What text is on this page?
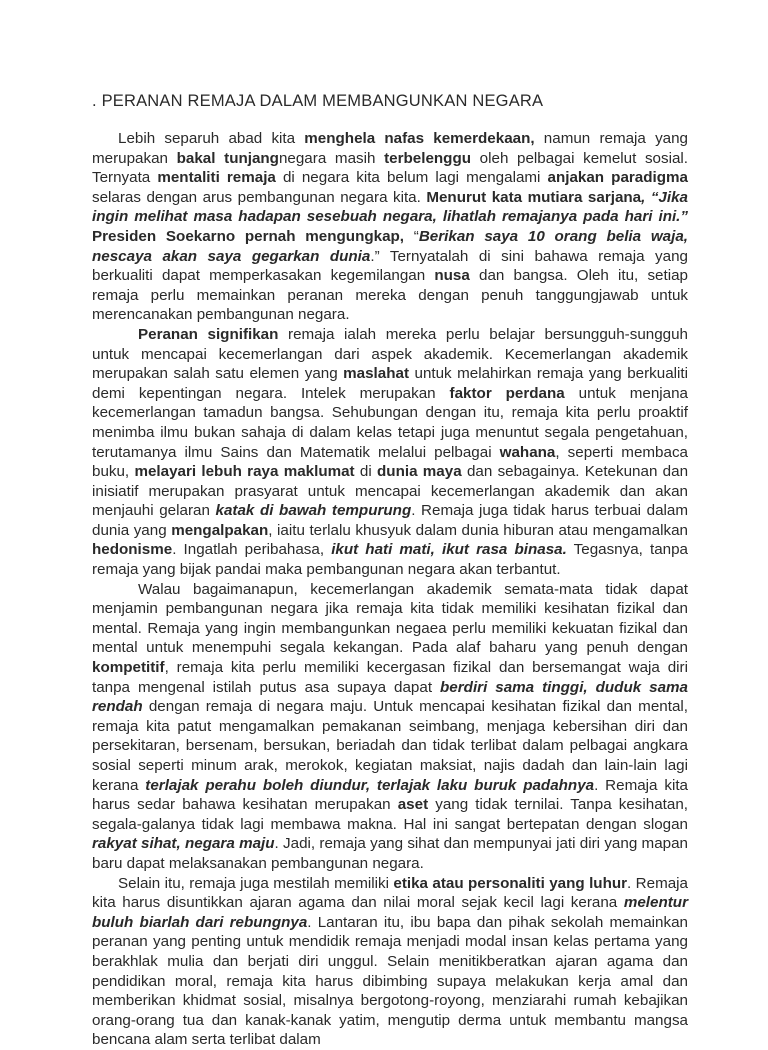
. PERANAN REMAJA DALAM MEMBANGUNKAN NEGARA

Lebih separuh abad kita menghela nafas kemerdekaan, namun remaja yang merupakan bakal tunjangnegara masih terbelenggu oleh pelbagai kemelut sosial. Ternyata mentaliti remaja di negara kita belum lagi mengalami anjakan paradigma selaras dengan arus pembangunan negara kita. Menurut kata mutiara sarjana, “Jika ingin melihat masa hadapan sesebuah negara, lihatlah remajanya pada hari ini.” Presiden Soekarno pernah mengungkap, “Berikan saya 10 orang belia waja, nescaya akan saya gegarkan dunia.” Ternyatalah di sini bahawa remaja yang berkualiti dapat memperkasakan kegemilangan nusa dan bangsa. Oleh itu, setiap remaja perlu memainkan peranan mereka dengan penuh tanggungjawab untuk merencanakan pembangunan negara.

Peranan signifikan remaja ialah mereka perlu belajar bersungguh-sungguh untuk mencapai kecemerlangan dari aspek akademik. Kecemerlangan akademik merupakan salah satu elemen yang maslahat untuk melahirkan remaja yang berkualiti demi kepentingan negara. Intelek merupakan faktor perdana untuk menjana kecemerlangan tamadun bangsa. Sehubungan dengan itu, remaja kita perlu proaktif menimba ilmu bukan sahaja di dalam kelas tetapi juga menuntut segala pengetahuan, terutamanya ilmu Sains dan Matematik melalui pelbagai wahana, seperti membaca buku, melayari lebuh raya maklumat di dunia maya dan sebagainya. Ketekunan dan inisiatif merupakan prasyarat untuk mencapai kecemerlangan akademik dan akan menjauhi gelaran katak di bawah tempurung. Remaja juga tidak harus terbuai dalam dunia yang mengalpakan, iaitu terlalu khusyuk dalam dunia hiburan atau mengamalkan hedonisme. Ingatlah peribahasa, ikut hati mati, ikut rasa binasa. Tegasnya, tanpa remaja yang bijak pandai maka pembangunan negara akan terbantut.

Walau bagaimanapun, kecemerlangan akademik semata-mata tidak dapat menjamin pembangunan negara jika remaja kita tidak memiliki kesihatan fizikal dan mental. Remaja yang ingin membangunkan negaea perlu memiliki kekuatan fizikal dan mental untuk menempuhi segala kekangan. Pada alaf baharu yang penuh dengan kompetitif, remaja kita perlu memiliki kecergasan fizikal dan bersemangat waja diri tanpa mengenal istilah putus asa supaya dapat berdiri sama tinggi, duduk sama rendah dengan remaja di negara maju. Untuk mencapai kesihatan fizikal dan mental, remaja kita patut mengamalkan pemakanan seimbang, menjaga kebersihan diri dan persekitaran, bersenam, bersukan, beriadah dan tidak terlibat dalam pelbagai angkara sosial seperti minum arak, merokok, kegiatan maksiat, najis dadah dan lain-lain lagi kerana terlajak perahu boleh diundur, terlajak laku buruk padahnya. Remaja kita harus sedar bahawa kesihatan merupakan aset yang tidak ternilai. Tanpa kesihatan, segala-galanya tidak lagi membawa makna. Hal ini sangat bertepatan dengan slogan rakyat sihat, negara maju. Jadi, remaja yang sihat dan mempunyai jati diri yang mapan baru dapat melaksanakan pembangunan negara.

Selain itu, remaja juga mestilah memiliki etika atau personaliti yang luhur. Remaja kita harus disuntikkan ajaran agama dan nilai moral sejak kecil lagi kerana melentur buluh biarlah dari rebungnya. Lantaran itu, ibu bapa dan pihak sekolah memainkan peranan yang penting untuk mendidik remaja menjadi modal insan kelas pertama yang berakhlak mulia dan berjati diri unggul. Selain menitikberatkan ajaran agama dan pendidikan moral, remaja kita harus dibimbing supaya melakukan kerja amal dan memberikan khidmat sosial, misalnya bergotong-royong, menziarahi rumah kebajikan orang-orang tua dan kanak-kanak yatim, mengutip derma untuk membantu mangsa bencana alam serta terlibat dalam
